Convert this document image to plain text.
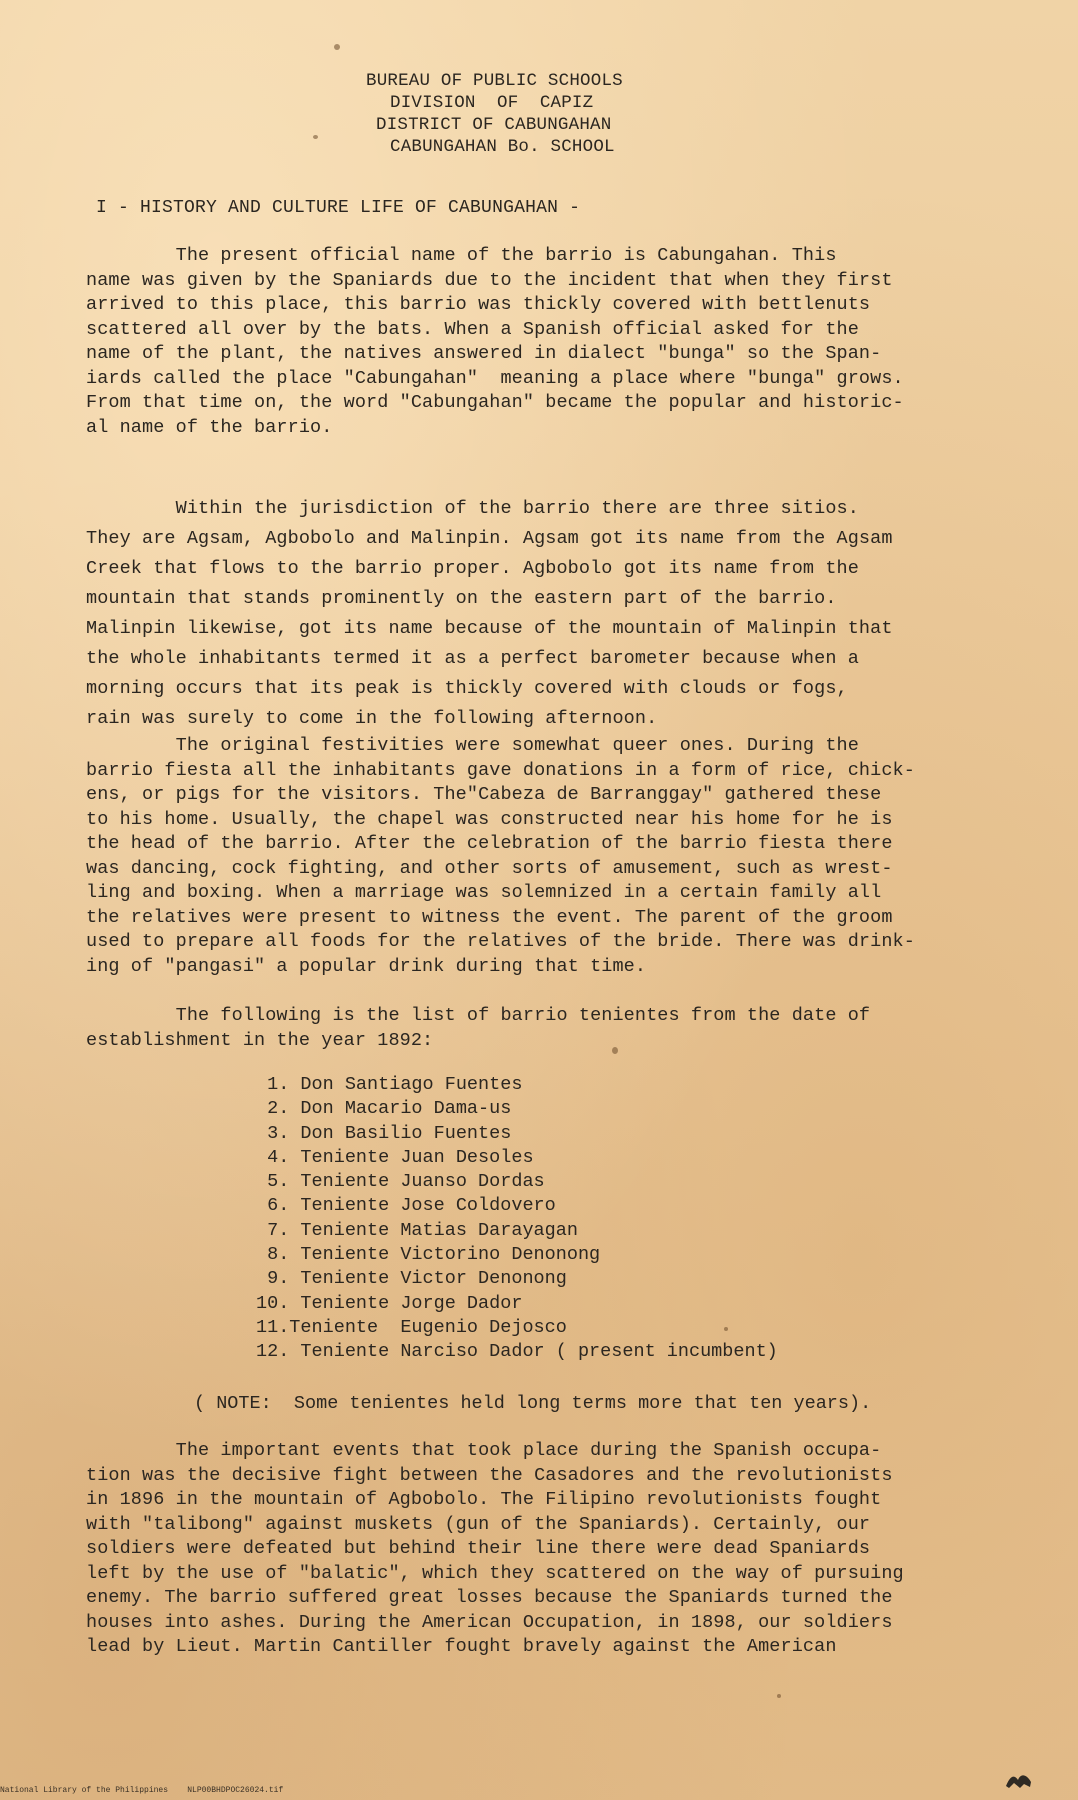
BUREAU OF PUBLIC SCHOOLS
DIVISION  OF  CAPIZ
DISTRICT OF CABUNGAHAN
CABUNGAHAN Bo. SCHOOL
I - HISTORY AND CULTURE LIFE OF CABUNGAHAN -
The present official name of the barrio is Cabungahan. This
name was given by the Spaniards due to the incident that when they first
arrived to this place, this barrio was thickly covered with bettlenuts
scattered all over by the bats. When a Spanish official asked for the
name of the plant, the natives answered in dialect "bunga" so the Span-
iards called the place "Cabungahan"  meaning a place where "bunga" grows.
From that time on, the word "Cabungahan" became the popular and historic-
al name of the barrio.
Within the jurisdiction of the barrio there are three sitios.
They are Agsam, Agbobolo and Malinpin. Agsam got its name from the Agsam
Creek that flows to the barrio proper. Agbobolo got its name from the
mountain that stands prominently on the eastern part of the barrio.
Malinpin likewise, got its name because of the mountain of Malinpin that
the whole inhabitants termed it as a perfect barometer because when a
morning occurs that its peak is thickly covered with clouds or fogs,
rain was surely to come in the following afternoon.
The original festivities were somewhat queer ones. During the
barrio fiesta all the inhabitants gave donations in a form of rice, chick-
ens, or pigs for the visitors. The"Cabeza de Barranggay" gathered these
to his home. Usually, the chapel was constructed near his home for he is
the head of the barrio. After the celebration of the barrio fiesta there
was dancing, cock fighting, and other sorts of amusement, such as wrest-
ling and boxing. When a marriage was solemnized in a certain family all
the relatives were present to witness the event. The parent of the groom
used to prepare all foods for the relatives of the bride. There was drink-
ing of "pangasi" a popular drink during that time.
The following is the list of barrio tenientes from the date of
establishment in the year 1892:
1. Don Santiago Fuentes
2. Don Macario Dama-us
3. Don Basilio Fuentes
4. Teniente Juan Desoles
5. Teniente Juanso Dordas
6. Teniente Jose Coldovero
7. Teniente Matias Darayagan
8. Teniente Victorino Denonong
9. Teniente Victor Denonong
10. Teniente Jorge Dador
11.Teniente  Eugenio Dejosco
12. Teniente Narciso Dador ( present incumbent)
( NOTE:  Some tenientes held long terms more that ten years).
The important events that took place during the Spanish occupa-
tion was the decisive fight between the Casadores and the revolutionists
in 1896 in the mountain of Agbobolo. The Filipino revolutionists fought
with "talibong" against muskets (gun of the Spaniards). Certainly, our
soldiers were defeated but behind their line there were dead Spaniards
left by the use of "balatic", which they scattered on the way of pursuing
enemy. The barrio suffered great losses because the Spaniards turned the
houses into ashes. During the American Occupation, in 1898, our soldiers
lead by Lieut. Martin Cantiller fought bravely against the American
National Library of the Philippines    NLP00BHDPOC26024.tif
